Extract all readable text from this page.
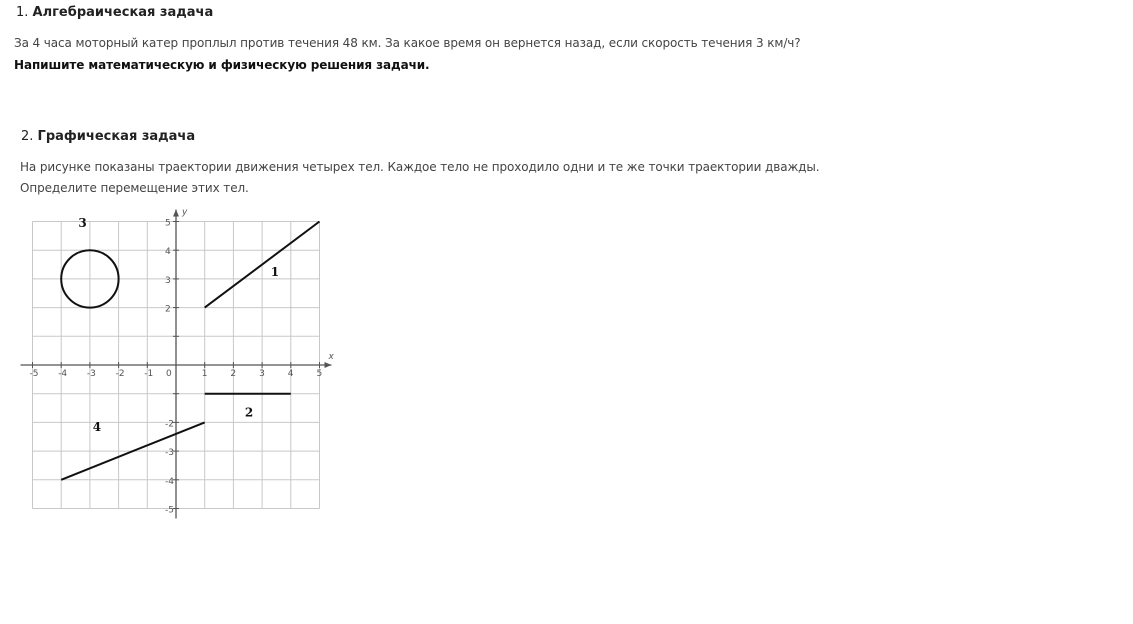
1. Алгебраическая задача
За 4 часа моторный катер проплыл против течения 48 км. За какое время он вернется назад, если скорость течения 3 км/ч?
Напишите математическую и физическую решения задачи.
2. Графическая задача
На рисунке показаны траектории движения четырех тел. Каждое тело не проходило одни и те же точки траектории дважды.
Определите перемещение этих тел.
x
y
-5 -4 -3 -2 -1 0	1	2	3	4	5
5
4
3
2
-2
-3
-4
-5
1
2
3
4
